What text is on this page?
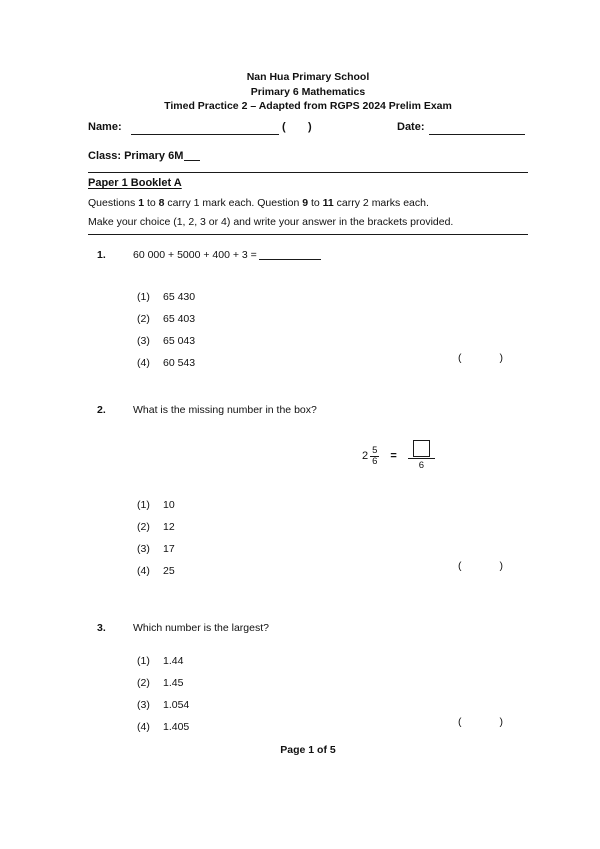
Nan Hua Primary School
Primary 6 Mathematics
Timed Practice 2 – Adapted from RGPS 2024 Prelim Exam
Name:	( )	Date:
Class: Primary 6M
Paper 1 Booklet A
Questions 1 to 8 carry 1 mark each. Question 9 to 11 carry 2 marks each.
Make your choice (1, 2, 3 or 4) and write your answer in the brackets provided.
1.	60 000 + 5000 + 400 + 3 =
(1) 65 430
(2) 65 403
(3) 65 043
(4) 60 543	(	)
2.	What is the missing number in the box?
$2 \frac{5}{6}$ =
6
(1) 10
(2) 12
(3) 17
(4) 25	(	)
3.	Which number is the largest?
(1) 1.44
(2) 1.45
(3) 1.054
(4) 1.405	(	)
Page 1 of 5
